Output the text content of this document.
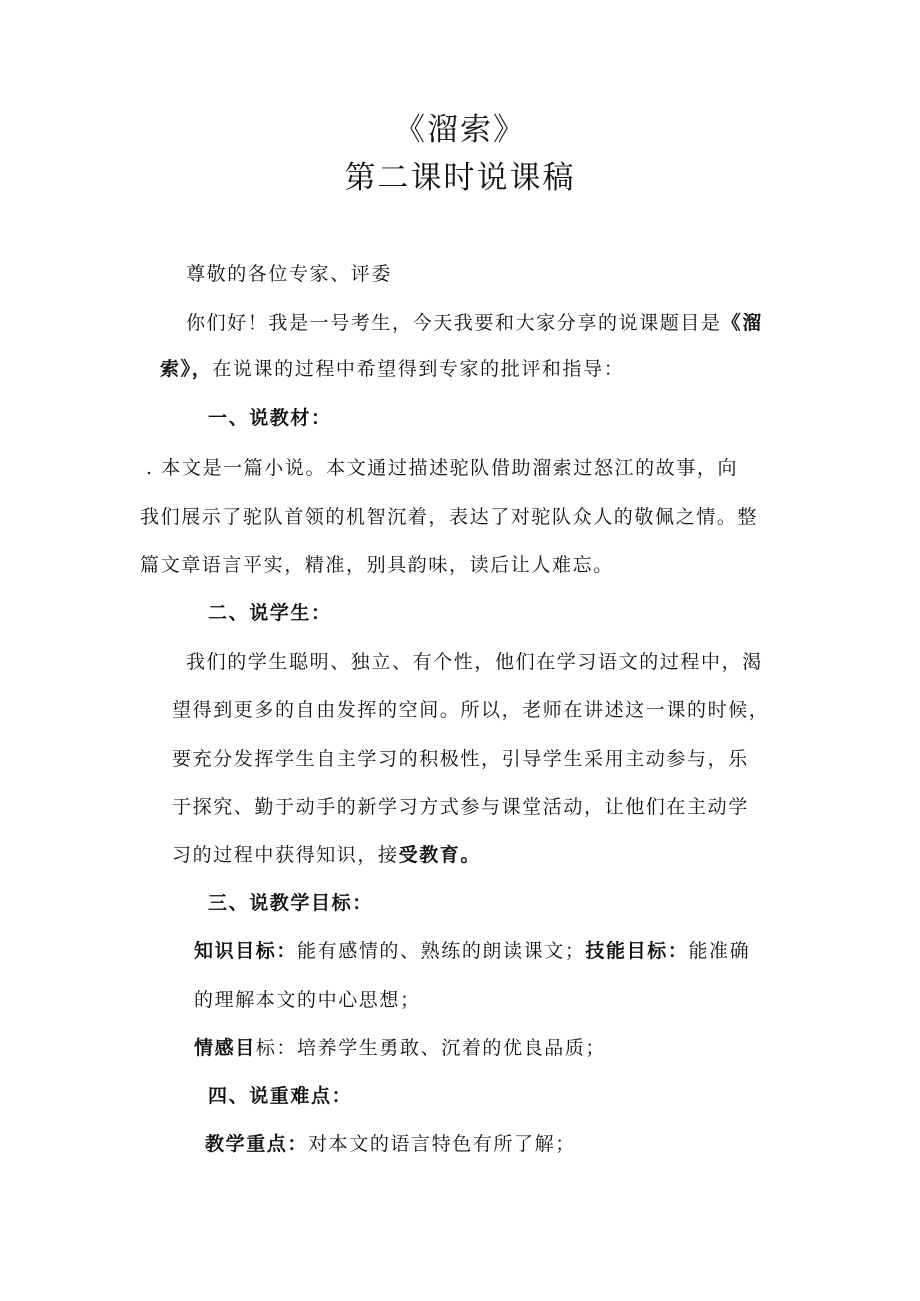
《溜索》
第二课时说课稿
尊敬的各位专家、评委
你们好！我是一号考生，今天我要和大家分享的说课题目是《溜
索》，在说课的过程中希望得到专家的批评和指导：
一、说教材：
. 本文是一篇小说。本文通过描述驼队借助溜索过怒江的故事，向
我们展示了驼队首领的机智沉着，表达了对驼队众人的敬佩之情。整
篇文章语言平实，精准，别具韵味，读后让人难忘。
二、说学生：
我们的学生聪明、独立、有个性，他们在学习语文的过程中，渴
望得到更多的自由发挥的空间。所以，老师在讲述这一课的时候，
要充分发挥学生自主学习的积极性，引导学生采用主动参与，乐
于探究、勤于动手的新学习方式参与课堂活动，让他们在主动学
习的过程中获得知识，接受教育。
三、说教学目标：
知识目标：能有感情的、熟练的朗读课文；技能目标：能准确
的理解本文的中心思想；
情感目标：培养学生勇敢、沉着的优良品质；
四、说重难点：
教学重点：对本文的语言特色有所了解；
